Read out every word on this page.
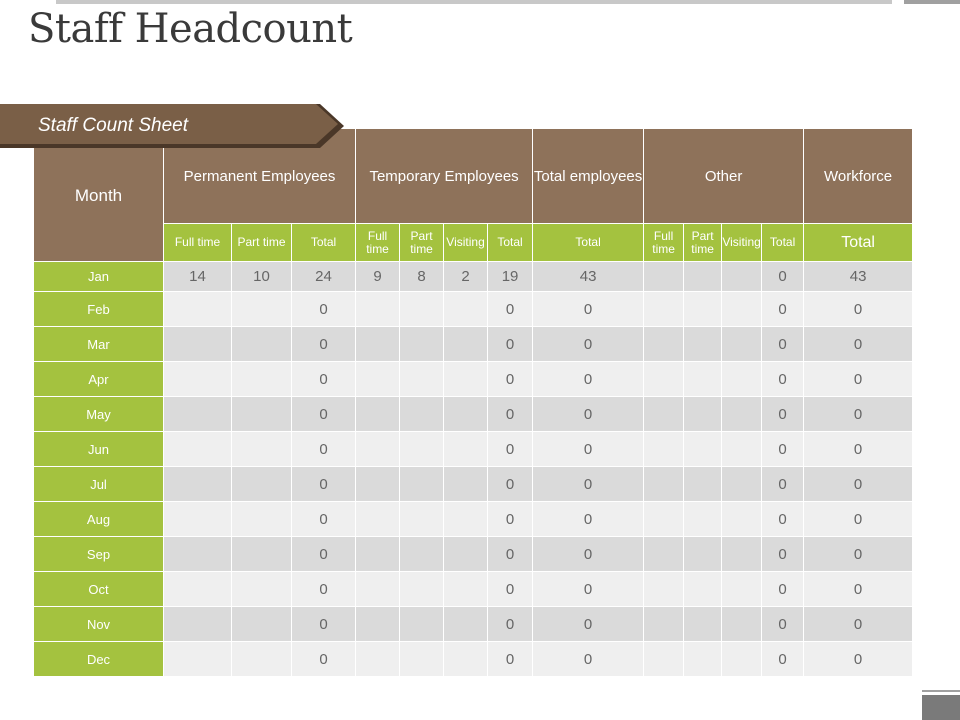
Staff Headcount
Month	Permanent Employees			Temporary Employees				Total employees	Other				Workforce
	Full time	Part time	Total	Full time	Part time	Visiting	Total	Total	Full time	Part time	Visiting	Total	Total
Jan	14	10	24	9	8	2	19	43				0	43
Feb			0				0	0				0	0
Mar			0				0	0				0	0
Apr			0				0	0				0	0
May			0				0	0				0	0
Jun			0				0	0				0	0
Jul			0				0	0				0	0
Aug			0				0	0				0	0
Sep			0				0	0				0	0
Oct			0				0	0				0	0
Nov			0				0	0				0	0
Dec			0				0	0				0	0
Staff Count Sheet
